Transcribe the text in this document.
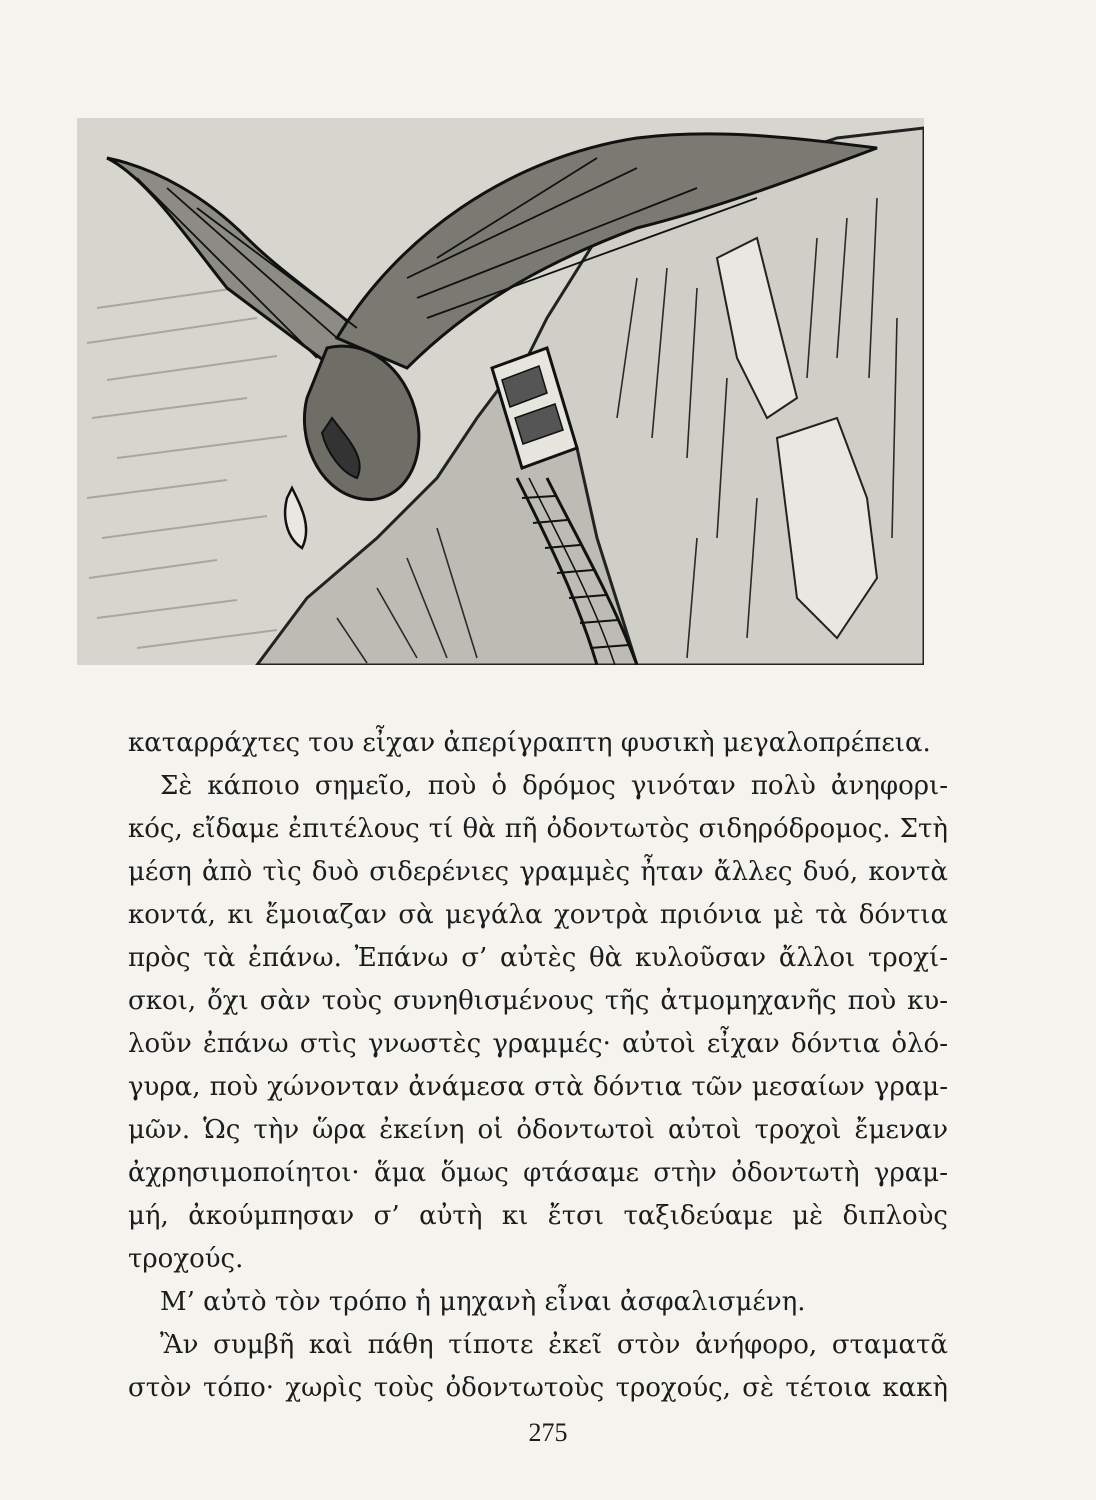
καταρράχτες του εἶχαν ἀπερίγραπτη φυσικὴ μεγαλοπρέπεια.
Σὲ κάποιο σημεῖο, ποὺ ὁ δρόμος γινόταν πολὺ ἀνηφορι-
κός, εἴδαμε ἐπιτέλους τί θὰ πῆ ὀδοντωτὸς σιδηρόδρομος. Στὴ
μέση ἀπὸ τὶς δυὸ σιδερένιες γραμμὲς ἦταν ἄλλες δυό, κοντὰ
κοντά, κι ἔμοιαζαν σὰ μεγάλα χοντρὰ πριόνια μὲ τὰ δόντια
πρὸς τὰ ἐπάνω. Ἐπάνω σ’ αὐτὲς θὰ κυλοῦσαν ἄλλοι τροχί-
σκοι, ὄχι σὰν τοὺς συνηθισμένους τῆς ἀτμομηχανῆς ποὺ κυ-
λοῦν ἐπάνω στὶς γνωστὲς γραμμές· αὐτοὶ εἶχαν δόντια ὁλό-
γυρα, ποὺ χώνονταν ἀνάμεσα στὰ δόντια τῶν μεσαίων γραμ-
μῶν. Ὡς τὴν ὥρα ἐκείνη οἱ ὀδοντωτοὶ αὐτοὶ τροχοὶ ἔμεναν
ἀχρησιμοποίητοι· ἅμα ὅμως φτάσαμε στὴν ὀδοντωτὴ γραμ-
μή, ἀκούμπησαν σ’ αὐτὴ κι ἔτσι ταξιδεύαμε μὲ διπλοὺς
τροχούς.
Μ’ αὐτὸ τὸν τρόπο ἡ μηχανὴ εἶναι ἀσφαλισμένη.
Ἂν συμβῆ καὶ πάθη τίποτε ἐκεῖ στὸν ἀνήφορο, σταματᾶ
στὸν τόπο· χωρὶς τοὺς ὀδοντωτοὺς τροχούς, σὲ τέτοια κακὴ
275
